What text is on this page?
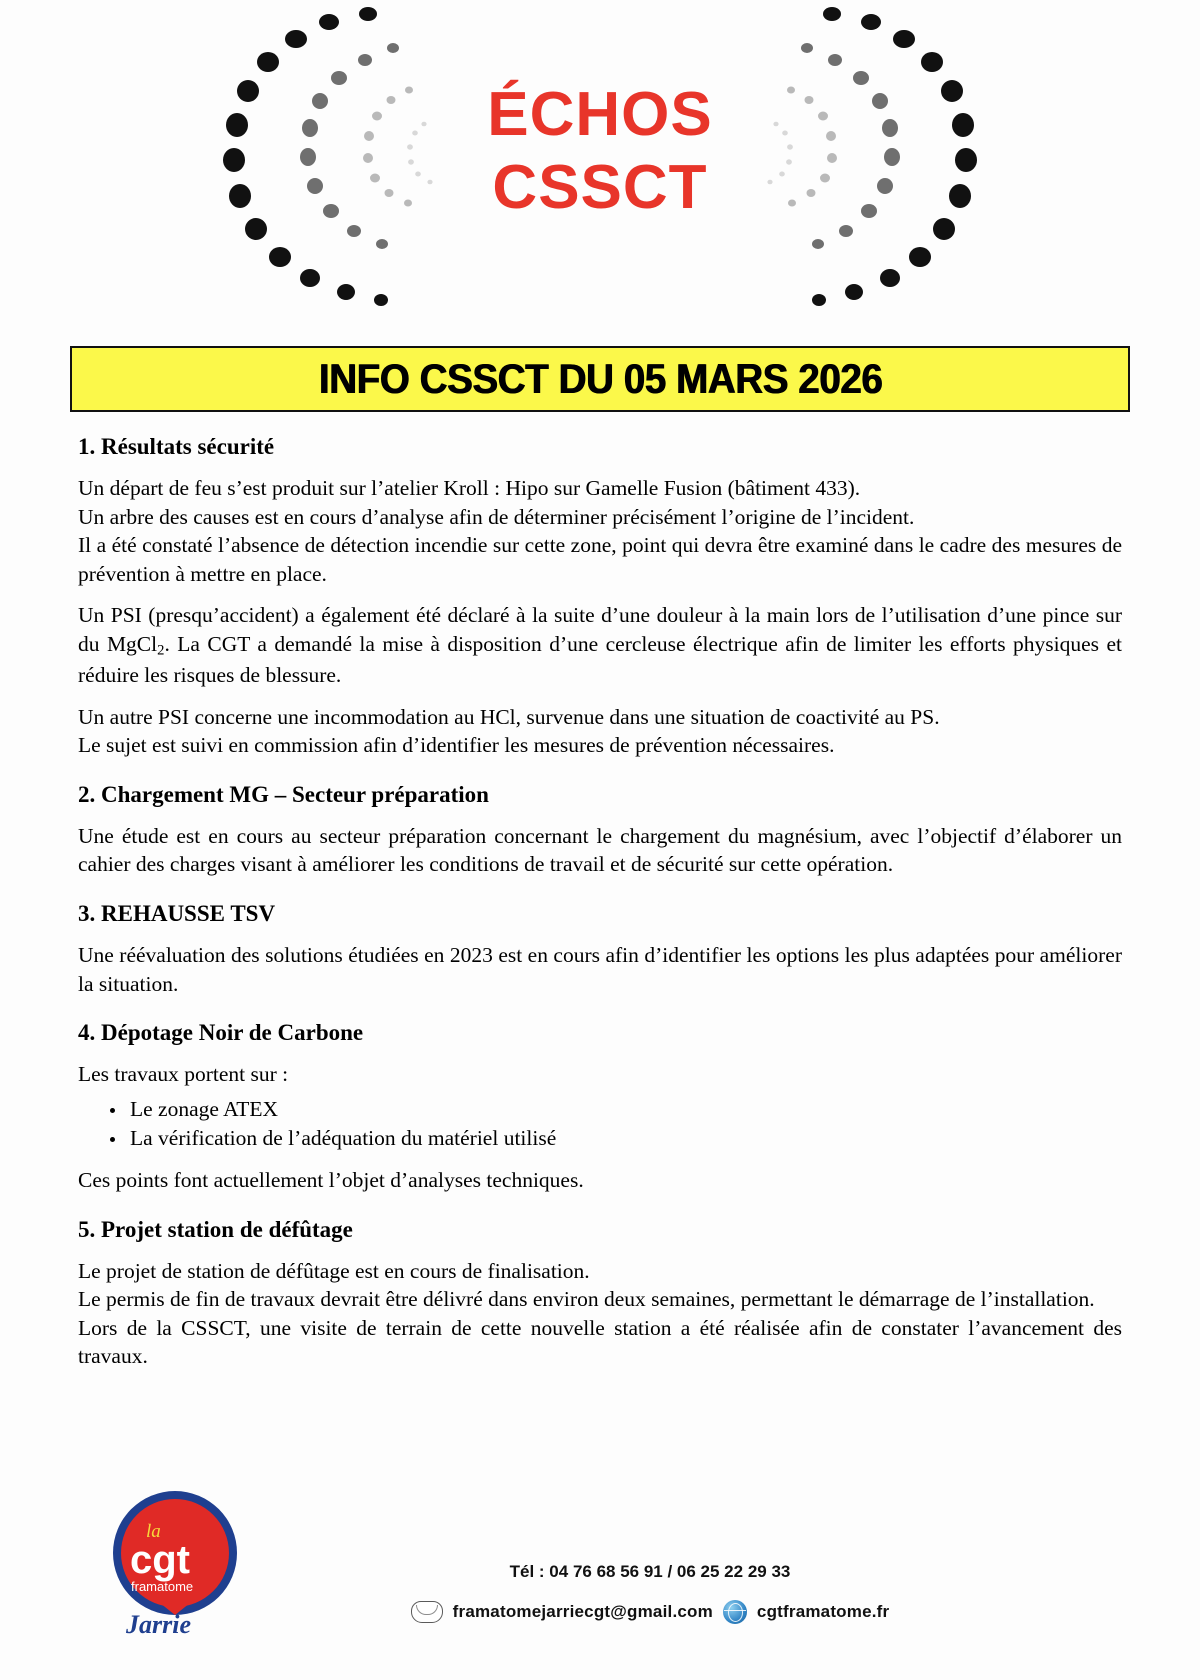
ÉCHOS
CSSCT
INFO CSSCT DU 05 MARS 2026
1. Résultats sécurité

Un départ de feu s’est produit sur l’atelier Kroll : Hipo sur Gamelle Fusion (bâtiment 433).

Un arbre des causes est en cours d’analyse afin de déterminer précisément l’origine de l’incident.

Il a été constaté l’absence de détection incendie sur cette zone, point qui devra être examiné dans le cadre des mesures de prévention à mettre en place.

Un PSI (presqu’accident) a également été déclaré à la suite d’une douleur à la main lors de l’utilisation d’une pince sur du MgCl$_2$. La CGT a demandé la mise à disposition d’une cercleuse électrique afin de limiter les efforts physiques et réduire les risques de blessure.

Un autre PSI concerne une incommodation au HCl, survenue dans une situation de coactivité au PS.

Le sujet est suivi en commission afin d’identifier les mesures de prévention nécessaires.

2. Chargement MG – Secteur préparation

Une étude est en cours au secteur préparation concernant le chargement du magnésium, avec l’objectif d’élaborer un cahier des charges visant à améliorer les conditions de travail et de sécurité sur cette opération.

3. REHAUSSE TSV

Une réévaluation des solutions étudiées en 2023 est en cours afin d’identifier les options les plus adaptées pour améliorer la situation.

4. Dépotage Noir de Carbone

Les travaux portent sur :

Le zonage ATEX
La vérification de l’adéquation du matériel utilisé

Ces points font actuellement l’objet d’analyses techniques.

5. Projet station de défûtage

Le projet de station de défûtage est en cours de finalisation.

Le permis de fin de travaux devrait être délivré dans environ deux semaines, permettant le démarrage de l’installation.

Lors de la CSSCT, une visite de terrain de cette nouvelle station a été réalisée afin de constater l’avancement des travaux.

la
cgt
framatome
Jarrie
Tél : 04 76 68 56 91 / 06 25 22 29 33
framatomejarriecgt@gmail.com	cgtframatome.fr
